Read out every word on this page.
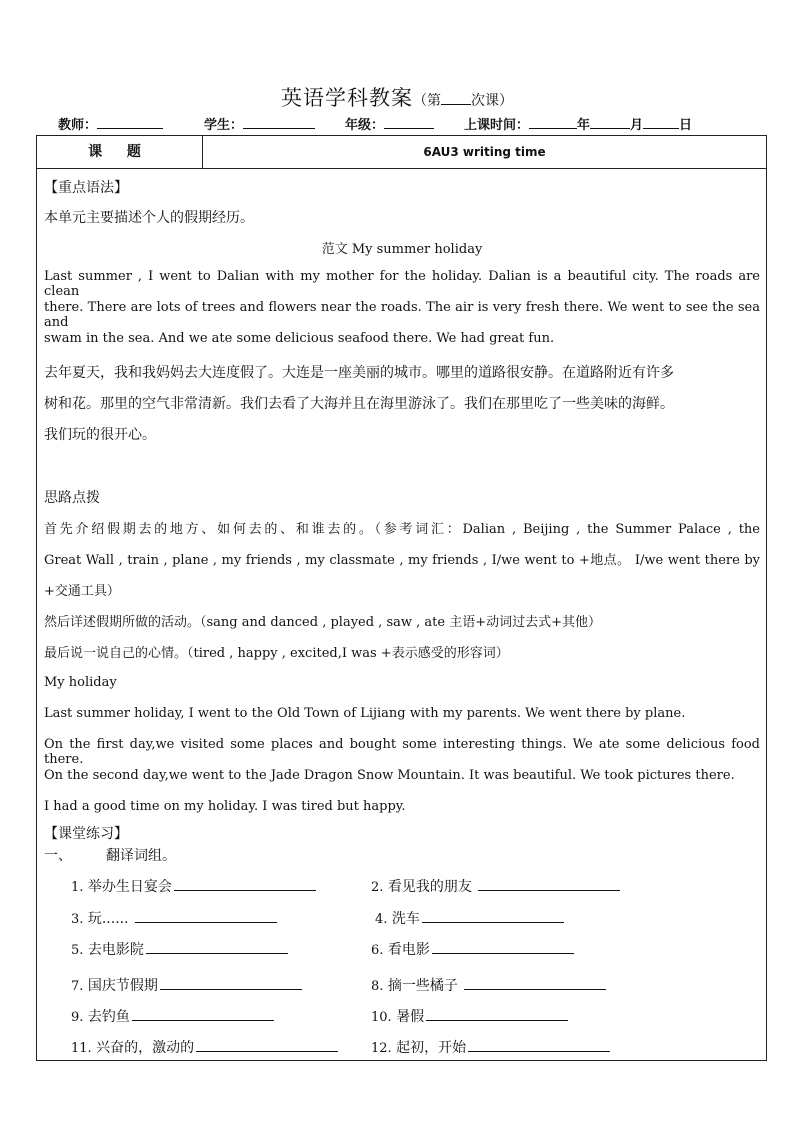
英语学科教案（第 次课）
教师：	学生：	年级：	上课时间：	年	月	日
课 题	6AU3 writing time
【重点语法】
本单元主要描述个人的假期经历。
范文 My summer holiday
Last summer , I went to Dalian with my mother for the holiday. Dalian is a beautiful city. The roads are clean
there. There are lots of trees and flowers near the roads. The air is very fresh there. We went to see the sea and
swam in the sea. And we ate some delicious seafood there. We had great fun.
去年夏天，我和我妈妈去大连度假了。大连是一座美丽的城市。哪里的道路很安静。在道路附近有许多
树和花。那里的空气非常清新。我们去看了大海并且在海里游泳了。我们在那里吃了一些美味的海鲜。
我们玩的很开心。
思路点拨
首先介绍假期去的地方、如何去的、和谁去的。（参考词汇：Dalian , Beijing , the Summer Palace , the
Great Wall , train , plane , my friends , my classmate , my friends , I/we went to +地点。 I/we went there by
+交通工具）
然后详述假期所做的活动。（sang and danced , played , saw , ate 主语+动词过去式+其他）
最后说一说自己的心情。（tired , happy , excited,I was +表示感受的形容词）
My holiday
Last summer holiday, I went to the Old Town of Lijiang with my parents. We went there by plane.
On the first day,we visited some places and bought some interesting things. We ate some delicious food there.
On the second day,we went to the Jade Dragon Snow Mountain. It was beautiful. We took pictures there.
I had a good time on my holiday. I was tired but happy.
【课堂练习】
一、 翻译词组。
1. 举办生日宴会	2. 看见我的朋友
3. 玩......	4. 洗车
5. 去电影院	6. 看电影
7. 国庆节假期	8. 摘一些橘子
9. 去钓鱼	10. 暑假
11. 兴奋的，激动的	12. 起初，开始
